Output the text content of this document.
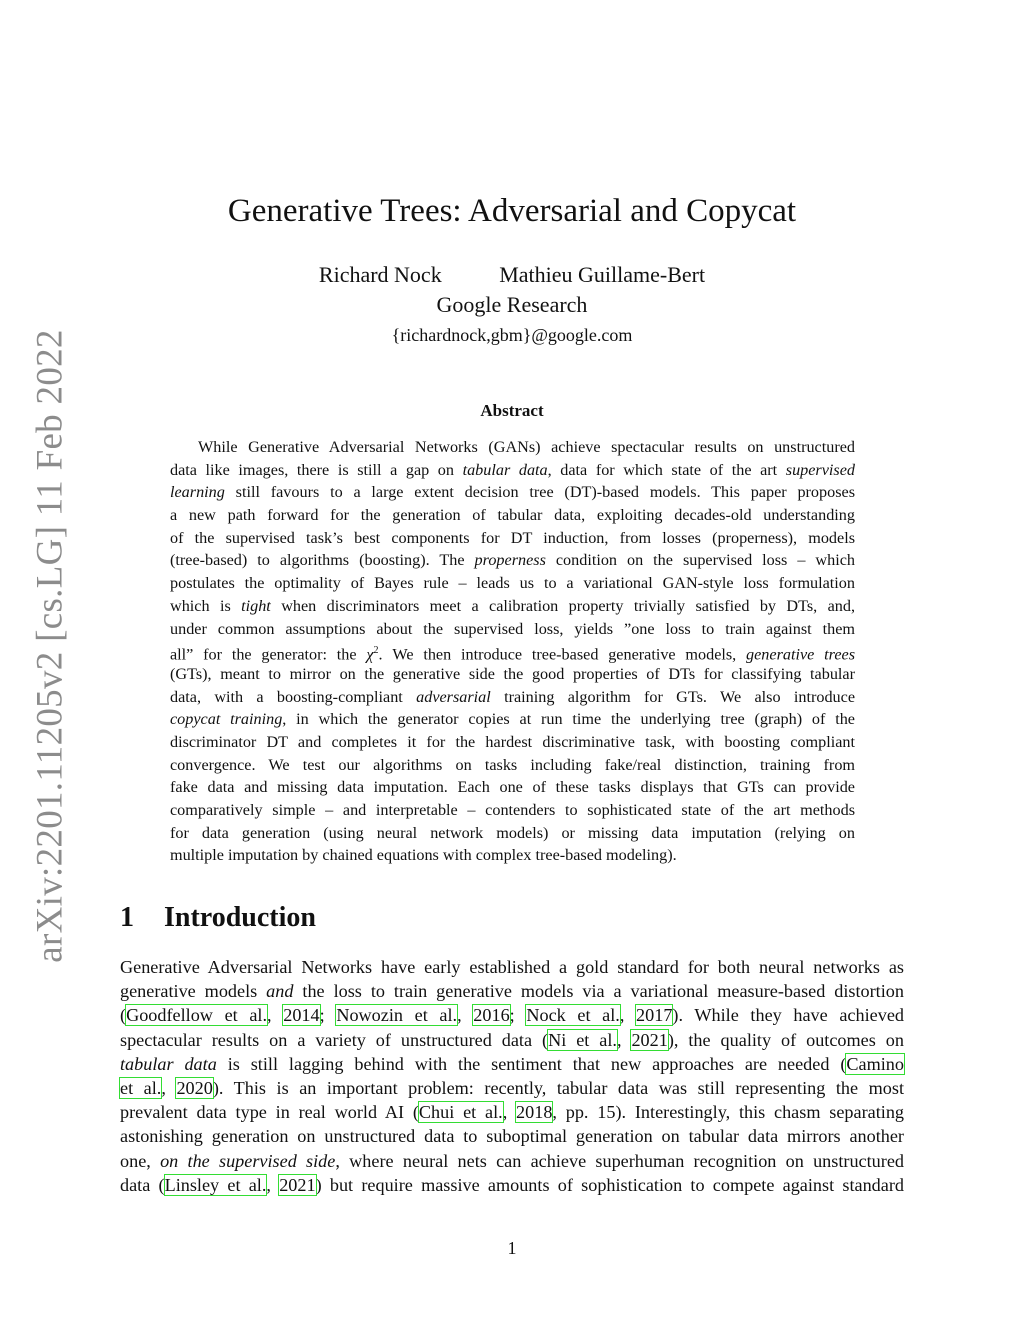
arXiv:2201.11205v2 [cs.LG] 11 Feb 2022
Generative Trees: Adversarial and Copycat
Richard Nock	Mathieu Guillame-Bert
Google Research
{richardnock,gbm}@google.com
Abstract
While Generative Adversarial Networks (GANs) achieve spectacular results on unstructured
data like images, there is still a gap on tabular data, data for which state of the art supervised
learning still favours to a large extent decision tree (DT)-based models. This paper proposes
a new path forward for the generation of tabular data, exploiting decades-old understanding
of the supervised task’s best components for DT induction, from losses (properness), models
(tree-based) to algorithms (boosting). The properness condition on the supervised loss – which
postulates the optimality of Bayes rule – leads us to a variational GAN-style loss formulation
which is tight when discriminators meet a calibration property trivially satisfied by DTs, and,
under common assumptions about the supervised loss, yields ”one loss to train against them
all” for the generator: the $\chi^2$. We then introduce tree-based generative models, generative trees
(GTs), meant to mirror on the generative side the good properties of DTs for classifying tabular
data, with a boosting-compliant adversarial training algorithm for GTs. We also introduce
copycat training, in which the generator copies at run time the underlying tree (graph) of the
discriminator DT and completes it for the hardest discriminative task, with boosting compliant
convergence. We test our algorithms on tasks including fake/real distinction, training from
fake data and missing data imputation. Each one of these tasks displays that GTs can provide
comparatively simple – and interpretable – contenders to sophisticated state of the art methods
for data generation (using neural network models) or missing data imputation (relying on
multiple imputation by chained equations with complex tree-based modeling).
1 Introduction
Generative Adversarial Networks have early established a gold standard for both neural networks as
generative models and the loss to train generative models via a variational measure-based distortion
(Goodfellow et al., 2014; Nowozin et al., 2016; Nock et al., 2017). While they have achieved
spectacular results on a variety of unstructured data (Ni et al., 2021), the quality of outcomes on
tabular data is still lagging behind with the sentiment that new approaches are needed (Camino
et al., 2020). This is an important problem: recently, tabular data was still representing the most
prevalent data type in real world AI (Chui et al., 2018, pp. 15). Interestingly, this chasm separating
astonishing generation on unstructured data to suboptimal generation on tabular data mirrors another
one, on the supervised side, where neural nets can achieve superhuman recognition on unstructured
data (Linsley et al., 2021) but require massive amounts of sophistication to compete against standard
1
